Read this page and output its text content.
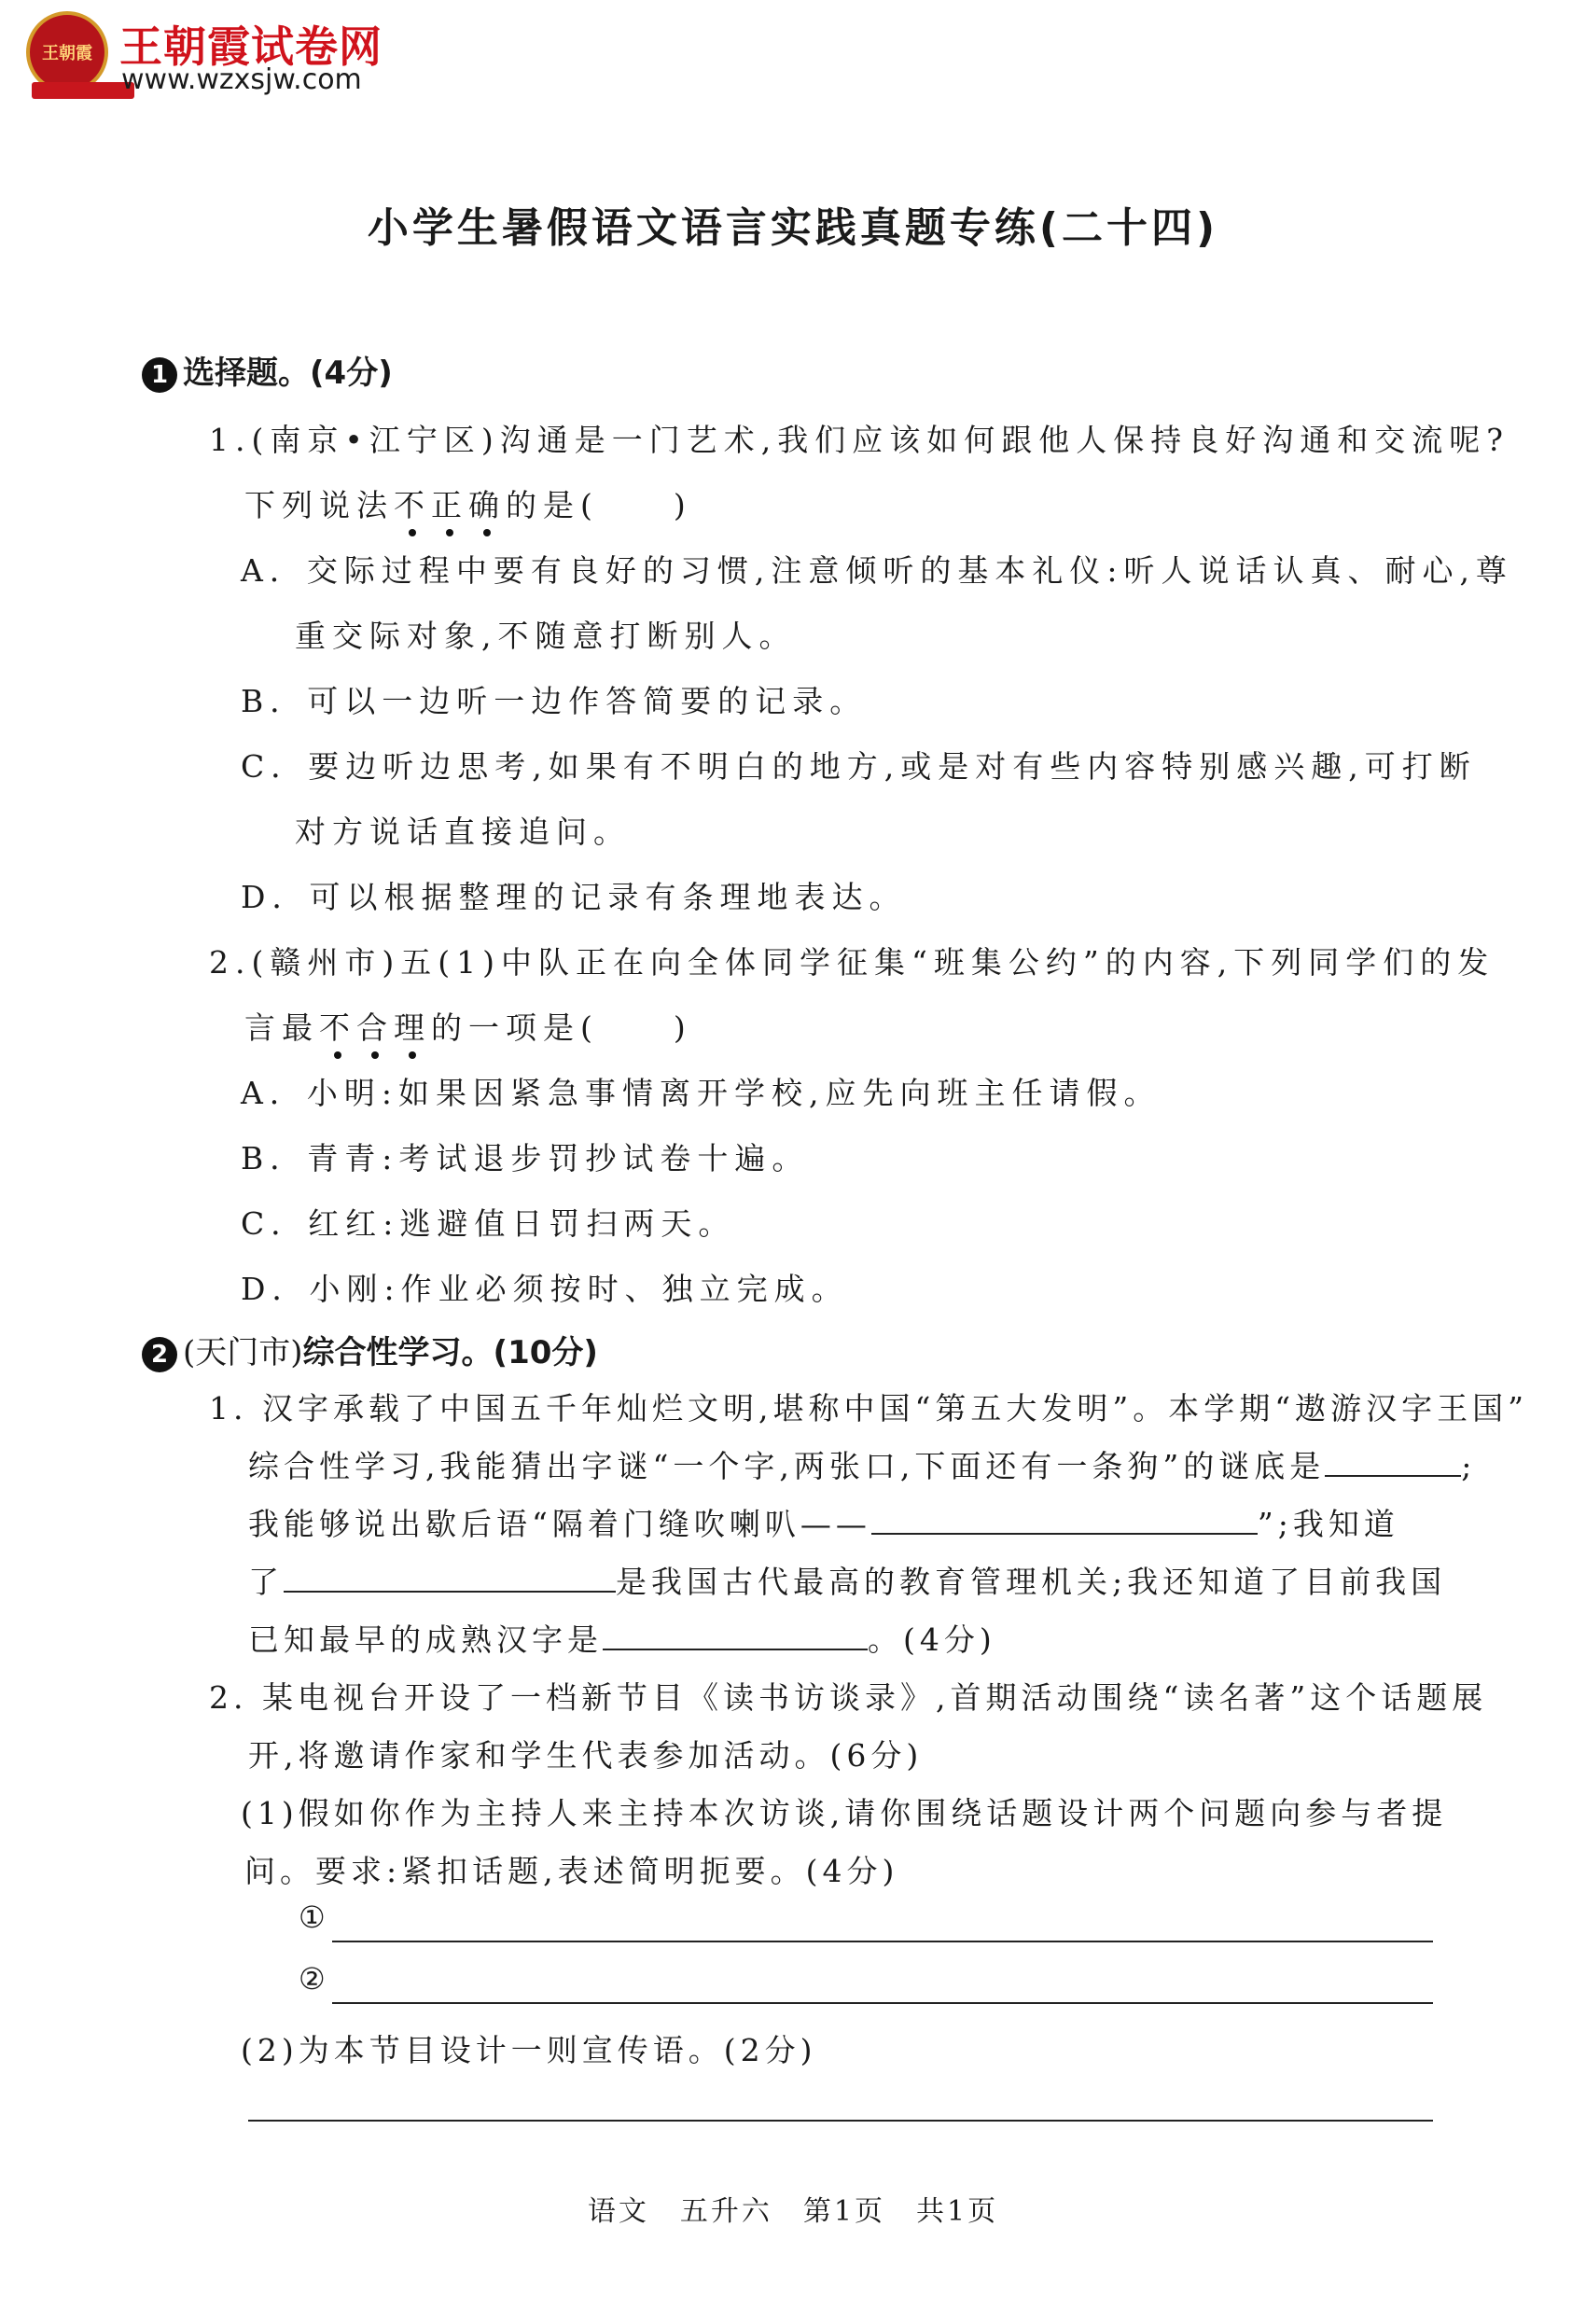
王朝霞 王朝霞试卷网
www.wzxsjw.com
小学生暑假语文语言实践真题专练(二十四)
1 选择题。(4分)
1.(南京•江宁区)沟通是一门艺术,我们应该如何跟他人保持良好沟通和交流呢?
下列说法不正确的是(　　)
A．交际过程中要有良好的习惯,注意倾听的基本礼仪:听人说话认真、耐心,尊
重交际对象,不随意打断别人。
B．可以一边听一边作答简要的记录。
C．要边听边思考,如果有不明白的地方,或是对有些内容特别感兴趣,可打断
对方说话直接追问。
D．可以根据整理的记录有条理地表达。
2.(赣州市)五(1)中队正在向全体同学征集“班集公约”的内容,下列同学们的发
言最不合理的一项是(　　)
A．小明:如果因紧急事情离开学校,应先向班主任请假。
B．青青:考试退步罚抄试卷十遍。
C．红红:逃避值日罚扫两天。
D．小刚:作业必须按时、独立完成。
2 (天门市)综合性学习。(10分)
1. 汉字承载了中国五千年灿烂文明,堪称中国“第五大发明”。本学期“遨游汉字王国”
综合性学习,我能猜出字谜“一个字,两张口,下面还有一条狗”的谜底是	;
我能够说出歇后语“隔着门缝吹喇叭——	”;我知道
了	是我国古代最高的教育管理机关;我还知道了目前我国
已知最早的成熟汉字是	。(4分)
2. 某电视台开设了一档新节目《读书访谈录》,首期活动围绕“读名著”这个话题展
开,将邀请作家和学生代表参加活动。(6分)
(1)假如你作为主持人来主持本次访谈,请你围绕话题设计两个问题向参与者提
问。要求:紧扣话题,表述简明扼要。(4分)
①
②
(2)为本节目设计一则宣传语。(2分)
语文　五升六　第1页　共1页
